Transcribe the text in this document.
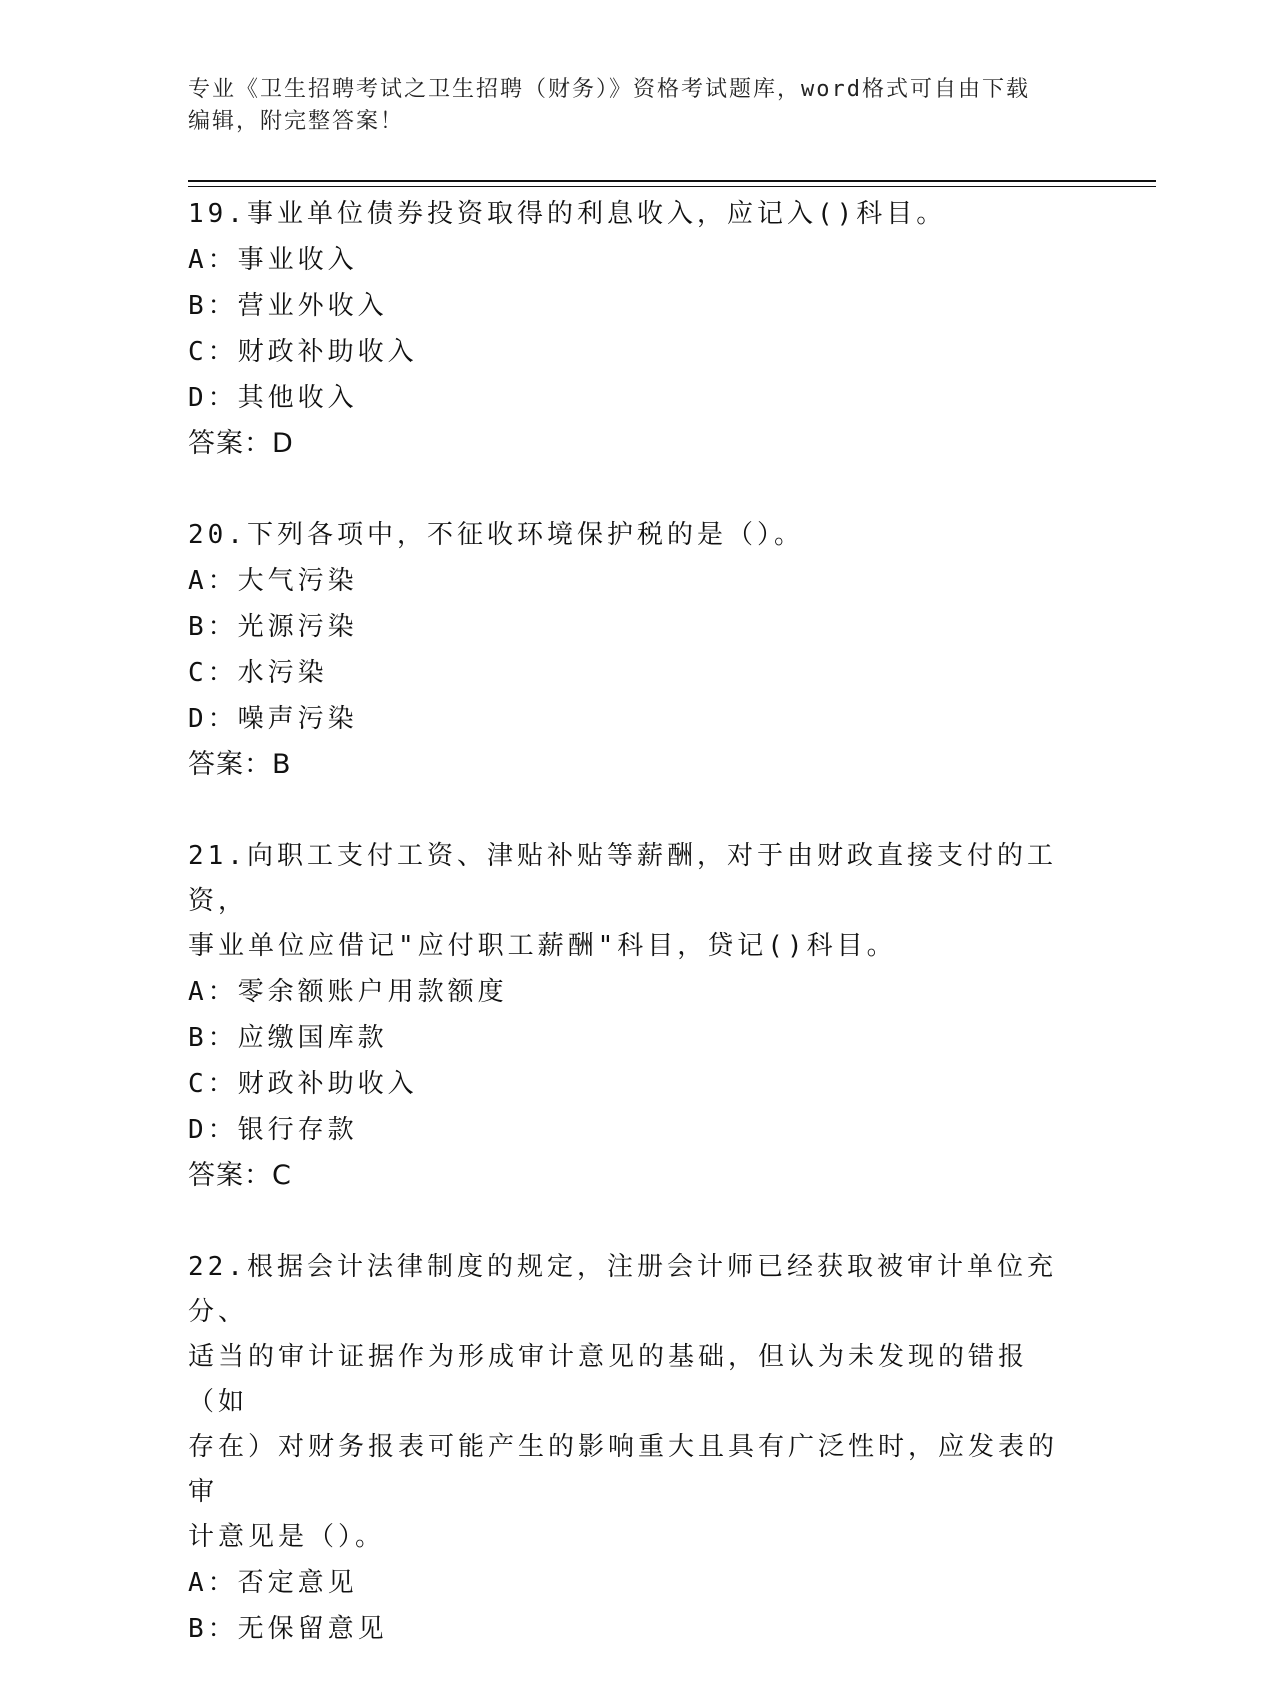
专业《卫生招聘考试之卫生招聘（财务）》资格考试题库，word格式可自由下载
编辑，附完整答案！
19.事业单位债券投资取得的利息收入，应记入()科目。
A：事业收入
B：营业外收入
C：财政补助收入
D：其他收入
答案：D
20.下列各项中，不征收环境保护税的是（）。
A：大气污染
B：光源污染
C：水污染
D：噪声污染
答案：B
21.向职工支付工资、津贴补贴等薪酬，对于由财政直接支付的工资，
事业单位应借记"应付职工薪酬"科目，贷记()科目。
A：零余额账户用款额度
B：应缴国库款
C：财政补助收入
D：银行存款
答案：C
22.根据会计法律制度的规定，注册会计师已经获取被审计单位充分、
适当的审计证据作为形成审计意见的基础，但认为未发现的错报（如
存在）对财务报表可能产生的影响重大且具有广泛性时，应发表的审
计意见是（）。
A：否定意见
B：无保留意见
